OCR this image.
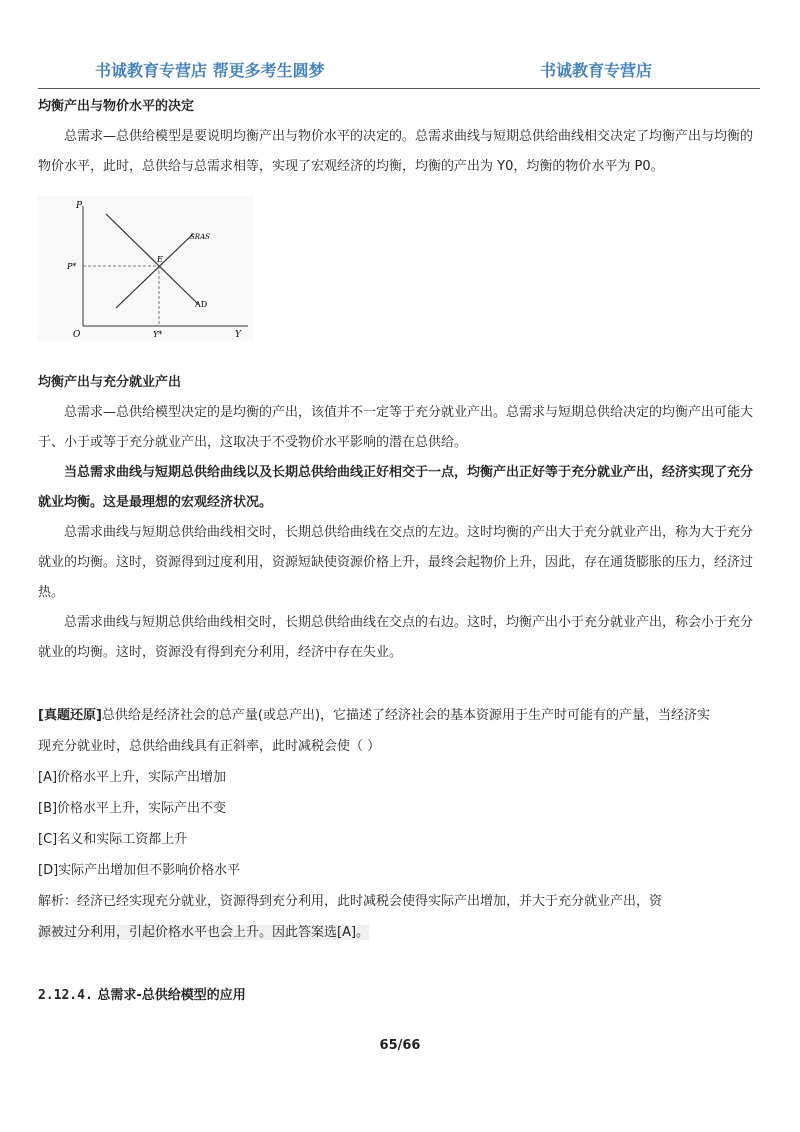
书诚教育专营店 帮更多考生圆梦	书诚教育专营店

均衡产出与物价水平的决定

总需求—总供给模型是要说明均衡产出与物价水平的决定的。总需求曲线与短期总供给曲线相交决定了均衡产出与均衡的物价水平，此时，总供给与总需求相等，实现了宏观经济的均衡，均衡的产出为 Y0，均衡的物价水平为 P0。

P
Y
O
P*
Y*
E
SRAS
AD

均衡产出与充分就业产出

总需求—总供给模型决定的是均衡的产出，该值并不一定等于充分就业产出。总需求与短期总供给决定的均衡产出可能大于、小于或等于充分就业产出，这取决于不受物价水平影响的潜在总供给。

当总需求曲线与短期总供给曲线以及长期总供给曲线正好相交于一点，均衡产出正好等于充分就业产出，经济实现了充分就业均衡。这是最理想的宏观经济状况。

总需求曲线与短期总供给曲线相交时，长期总供给曲线在交点的左边。这时均衡的产出大于充分就业产出，称为大于充分就业的均衡。这时，资源得到过度利用，资源短缺使资源价格上升，最终会起物价上升，因此，存在通货膨胀的压力，经济过热。

总需求曲线与短期总供给曲线相交时，长期总供给曲线在交点的右边。这时，均衡产出小于充分就业产出，称会小于充分就业的均衡。这时，资源没有得到充分利用，经济中存在失业。

[真题还原]总供给是经济社会的总产量(或总产出)，它描述了经济社会的基本资源用于生产时可能有的产量，当经济实

现充分就业时，总供给曲线具有正斜率，此时减税会使（ ）

[A]价格水平上升，实际产出增加

[B]价格水平上升，实际产出不变

[C]名义和实际工资都上升

[D]实际产出增加但不影响价格水平

解析：经济已经实现充分就业，资源得到充分利用，此时减税会使得实际产出增加，并大于充分就业产出，资

源被过分利用，引起价格水平也会上升。因此答案选[A]。

2.12.4. 总需求-总供给模型的应用

65/66
